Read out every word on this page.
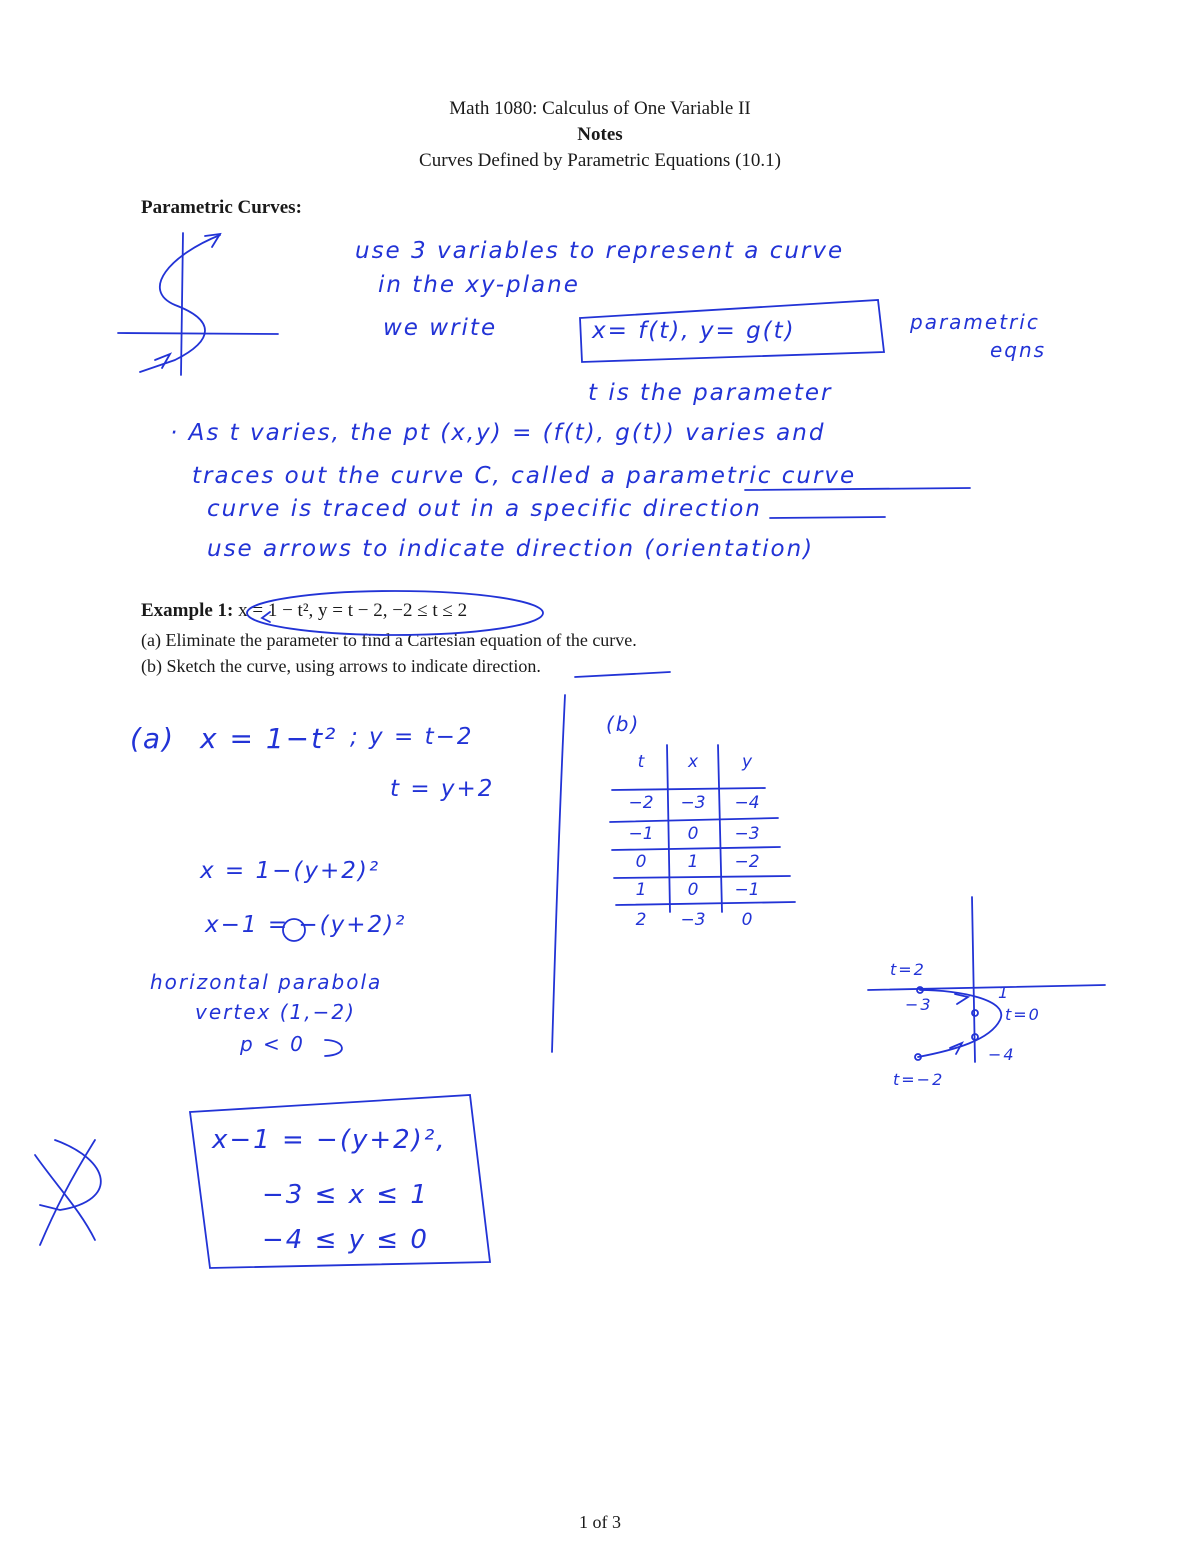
Math 1080: Calculus of One Variable II
Notes
Curves Defined by Parametric Equations (10.1)
Parametric Curves:
use 3 variables to represent a curve
in the xy-plane
we write	x= f(t), y= g(t)	parametric
eqns
t is the parameter
· As t varies, the pt (x,y) = (f(t), g(t)) varies and
traces out the curve C, called a parametric curve
curve is traced out in a specific direction
use arrows to indicate direction (orientation)
Example 1: x = 1 − t², y = t − 2, −2 ≤ t ≤ 2
(a) Eliminate the parameter to find a Cartesian equation of the curve.
(b) Sketch the curve, using arrows to indicate direction.
(a) x = 1−t² ; y = t−2
t = y+2
x = 1−(y+2)²
x−1 = −(y+2)²
horizontal parabola
vertex (1,−2)
p < 0
x−1 = −(y+2)²,
−3 ≤ x ≤ 1
−4 ≤ y ≤ 0
(b)
t	x	y
−2	−3	−4
−1	0	−3
0	1	−2
1	0	−1
2	−3	0
t=2
t=−2
t=0
−3
1
−4
1 of 3
